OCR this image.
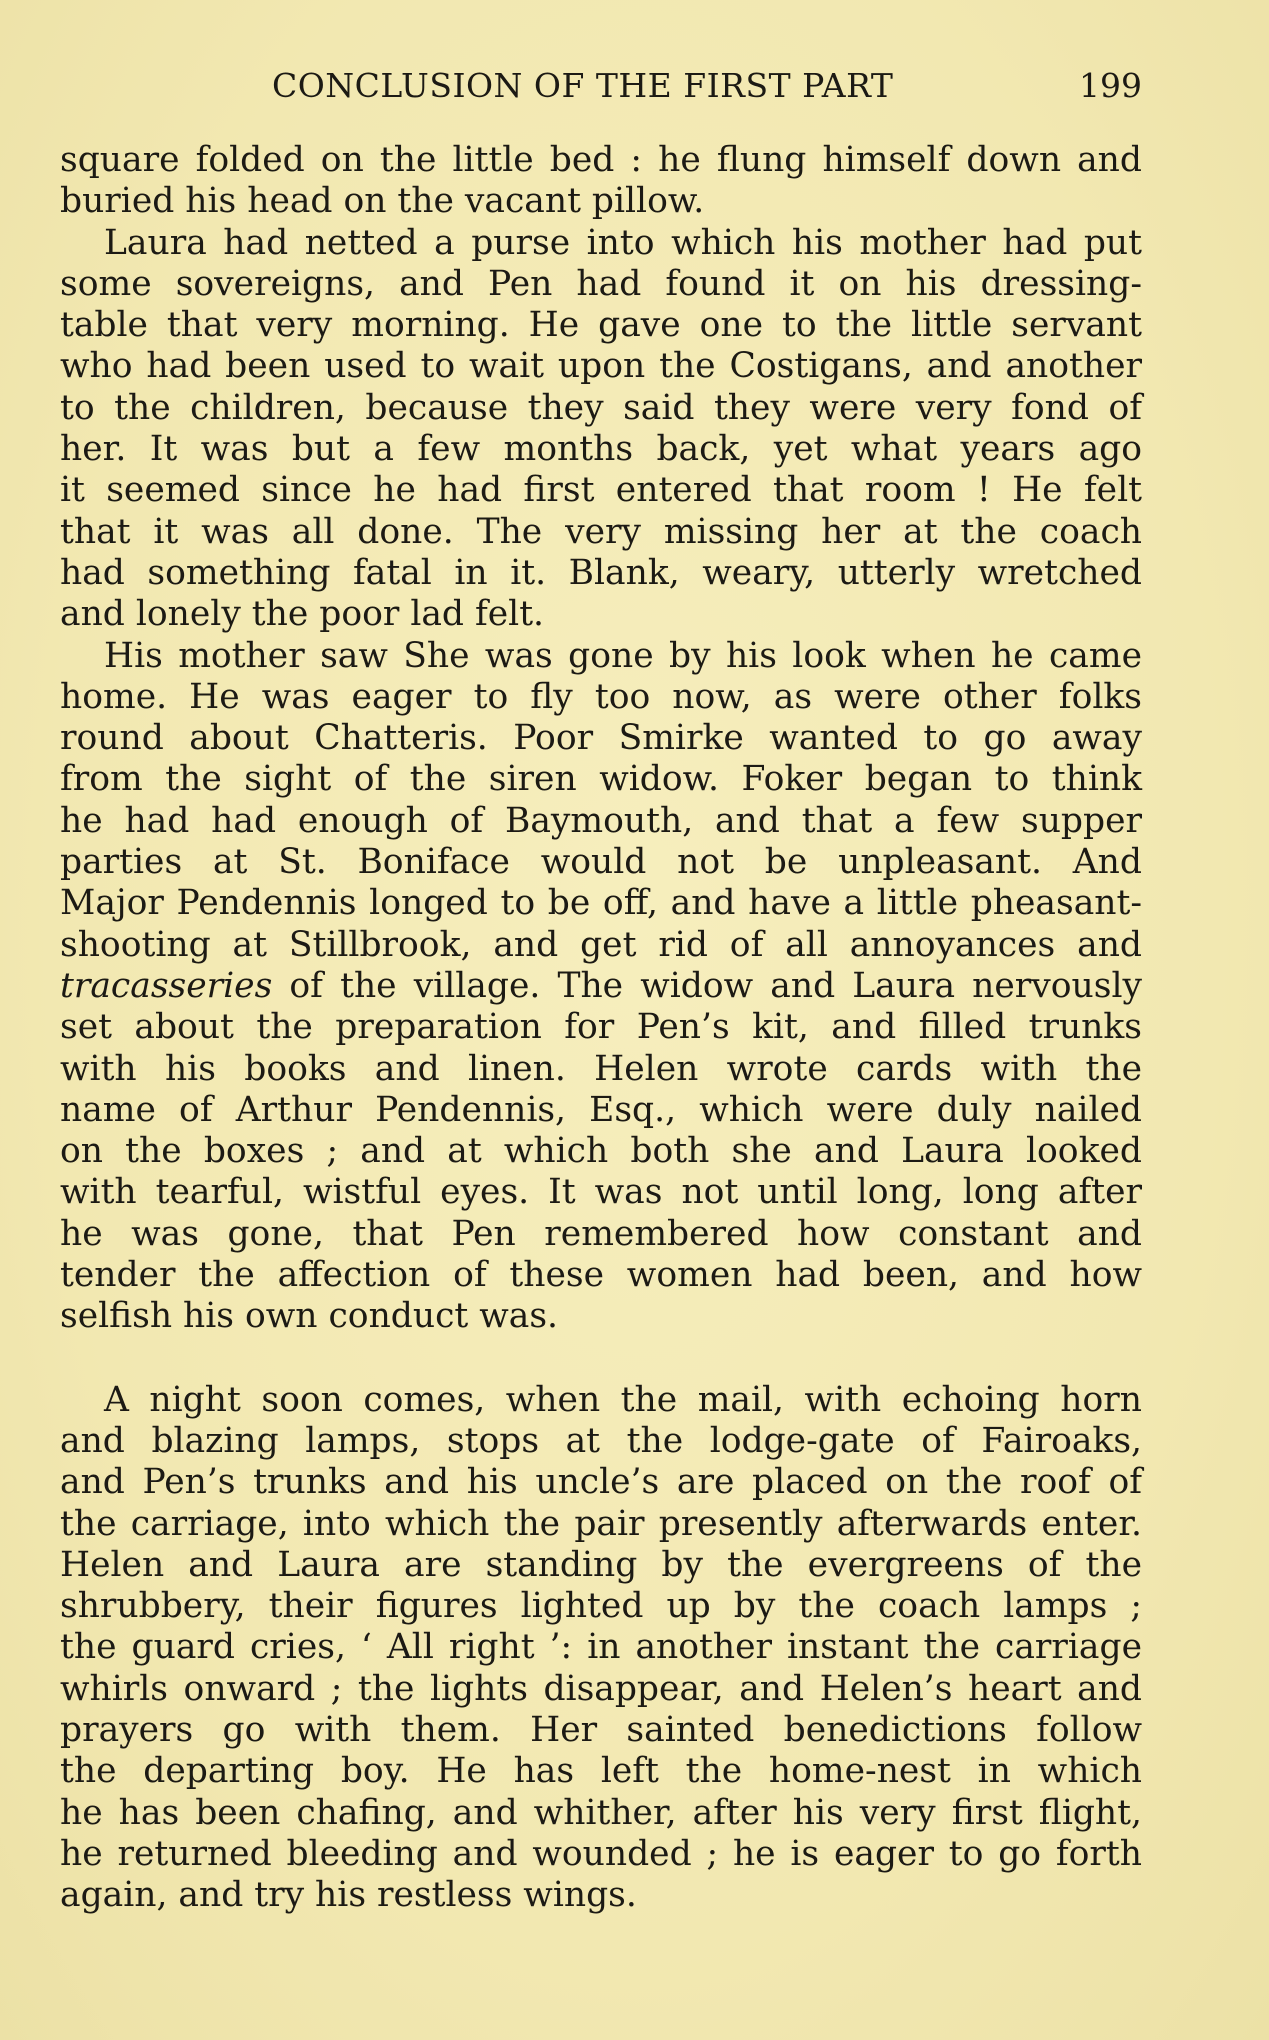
CONCLUSION OF THE FIRST PART	199

square folded on the little bed : he flung himself down and
buried his head on the vacant pillow.

Laura had netted a purse into which his mother had put
some sovereigns, and Pen had found it on his dressing-
table that very morning. He gave one to the little servant
who had been used to wait upon the Costigans, and another
to the children, because they said they were very fond of
her. It was but a few months back, yet what years ago
it seemed since he had first entered that room ! He felt
that it was all done. The very missing her at the coach
had something fatal in it. Blank, weary, utterly wretched
and lonely the poor lad felt.

His mother saw She was gone by his look when he came
home. He was eager to fly too now, as were other folks
round about Chatteris. Poor Smirke wanted to go away
from the sight of the siren widow. Foker began to think
he had had enough of Baymouth, and that a few supper
parties at St. Boniface would not be unpleasant. And
Major Pendennis longed to be off, and have a little pheasant-
shooting at Stillbrook, and get rid of all annoyances and
tracasseries of the village. The widow and Laura nervously
set about the preparation for Pen’s kit, and filled trunks
with his books and linen. Helen wrote cards with the
name of Arthur Pendennis, Esq., which were duly nailed
on the boxes ; and at which both she and Laura looked
with tearful, wistful eyes. It was not until long, long after
he was gone, that Pen remembered how constant and
tender the affection of these women had been, and how
selfish his own conduct was.

A night soon comes, when the mail, with echoing horn
and blazing lamps, stops at the lodge-gate of Fairoaks,
and Pen’s trunks and his uncle’s are placed on the roof of
the carriage, into which the pair presently afterwards enter.
Helen and Laura are standing by the evergreens of the
shrubbery, their figures lighted up by the coach lamps ;
the guard cries, ‘ All right ’: in another instant the carriage
whirls onward ; the lights disappear, and Helen’s heart and
prayers go with them. Her sainted benedictions follow
the departing boy. He has left the home-nest in which
he has been chafing, and whither, after his very first flight,
he returned bleeding and wounded ; he is eager to go forth
again, and try his restless wings.
